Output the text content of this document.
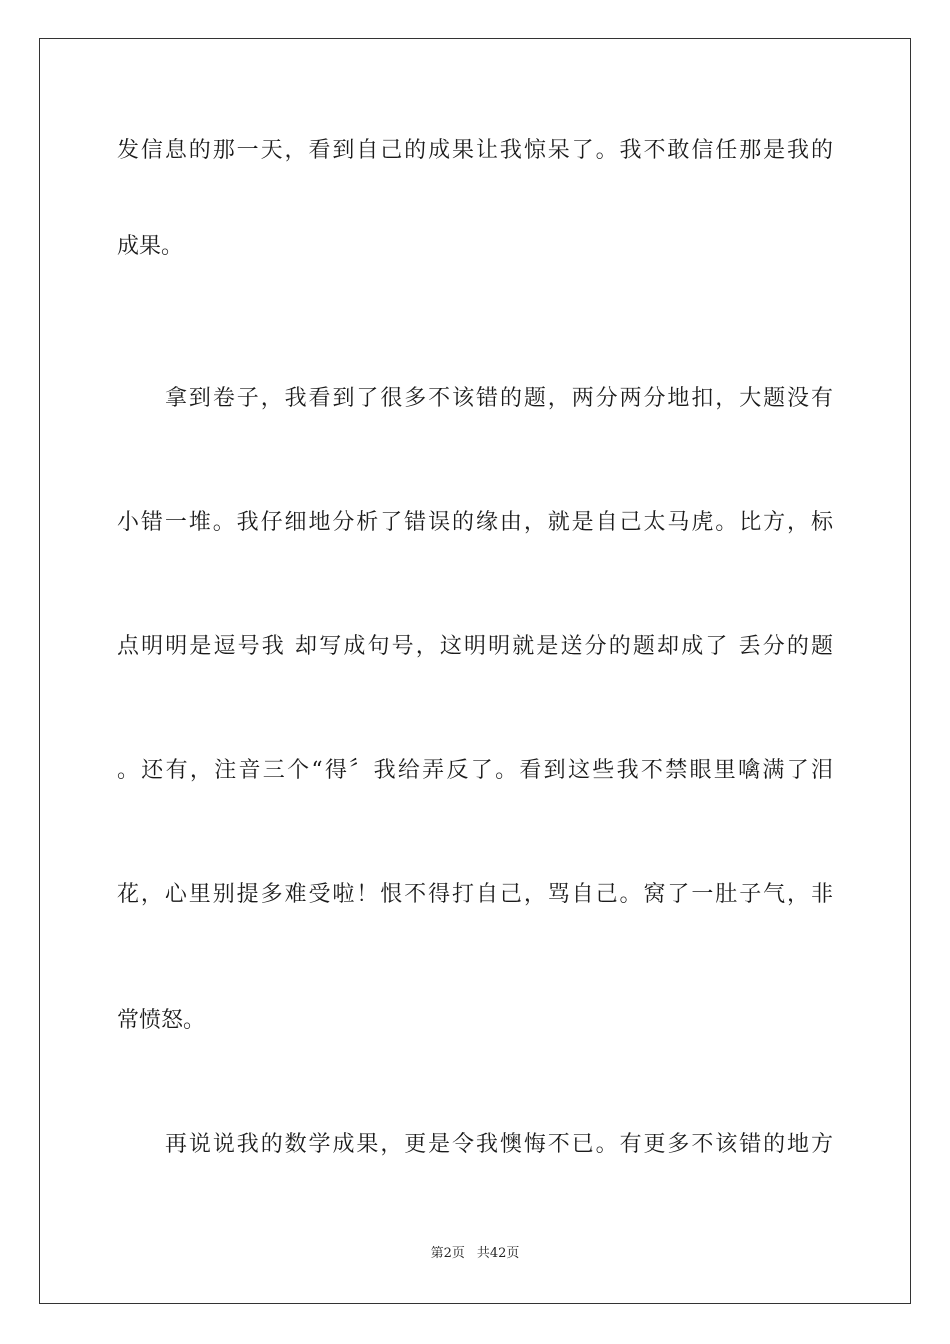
发信息的那一天，看到自己的成果让我惊呆了。我不敢信任那是我的
成果。
拿到卷子，我看到了很多不该错的题，两分两分地扣，大题没有
小错一堆。我仔细地分析了错误的缘由，就是自己太马虎。比方，标
点明明是逗号我 却写成句号，这明明就是送分的题却成了 丢分的题
。还有，注音三个“得〞我给弄反了。看到这些我不禁眼里噙满了泪
花，心里别提多难受啦！恨不得打自己，骂自己。窝了一肚子气，非
常愤怒。
再说说我的数学成果，更是令我懊悔不已。有更多不该错的地方
第2页 共42页
